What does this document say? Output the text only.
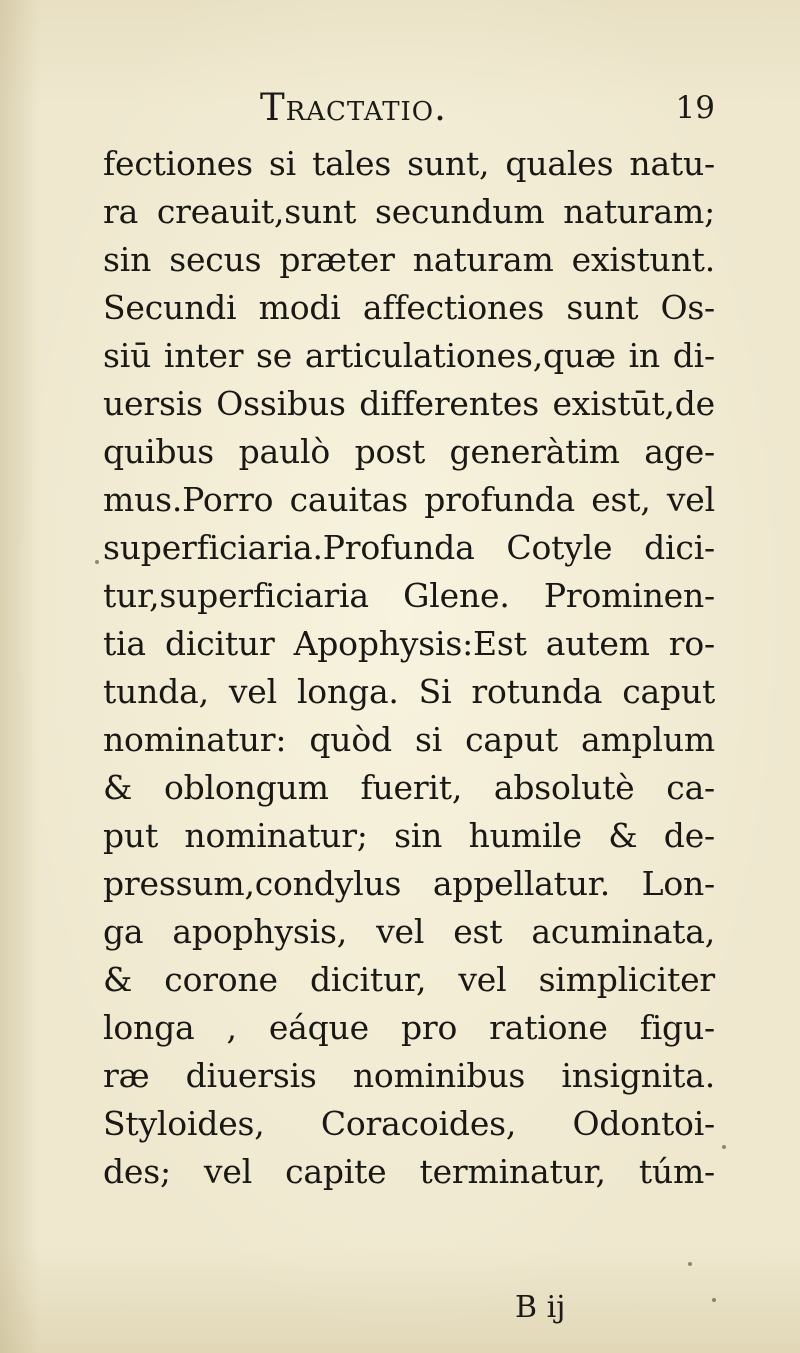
Tractatio.	19
fectiones si tales sunt, quales natu-
ra creauit,sunt secundum naturam;
sin secus præter naturam existunt.
Secundi modi affectiones sunt Os-
siū inter se articulationes,quæ in di-
uersis Ossibus differentes existūt,de
quibus paulò post generàtim age-
mus.Porro cauitas profunda est, vel
superficiaria.Profunda Cotyle dici-
tur,superficiaria Glene. Prominen-
tia dicitur Apophysis:Est autem ro-
tunda, vel longa. Si rotunda caput
nominatur: quòd si caput amplum
& oblongum fuerit, absolutè ca-
put nominatur; sin humile & de-
pressum,condylus appellatur. Lon-
ga apophysis, vel est acuminata,
& corone dicitur, vel simpliciter
longa , eáque pro ratione figu-
ræ diuersis nominibus insignita.
Styloides, Coracoides, Odontoi-
des; vel capite terminatur, túm-
B ij
